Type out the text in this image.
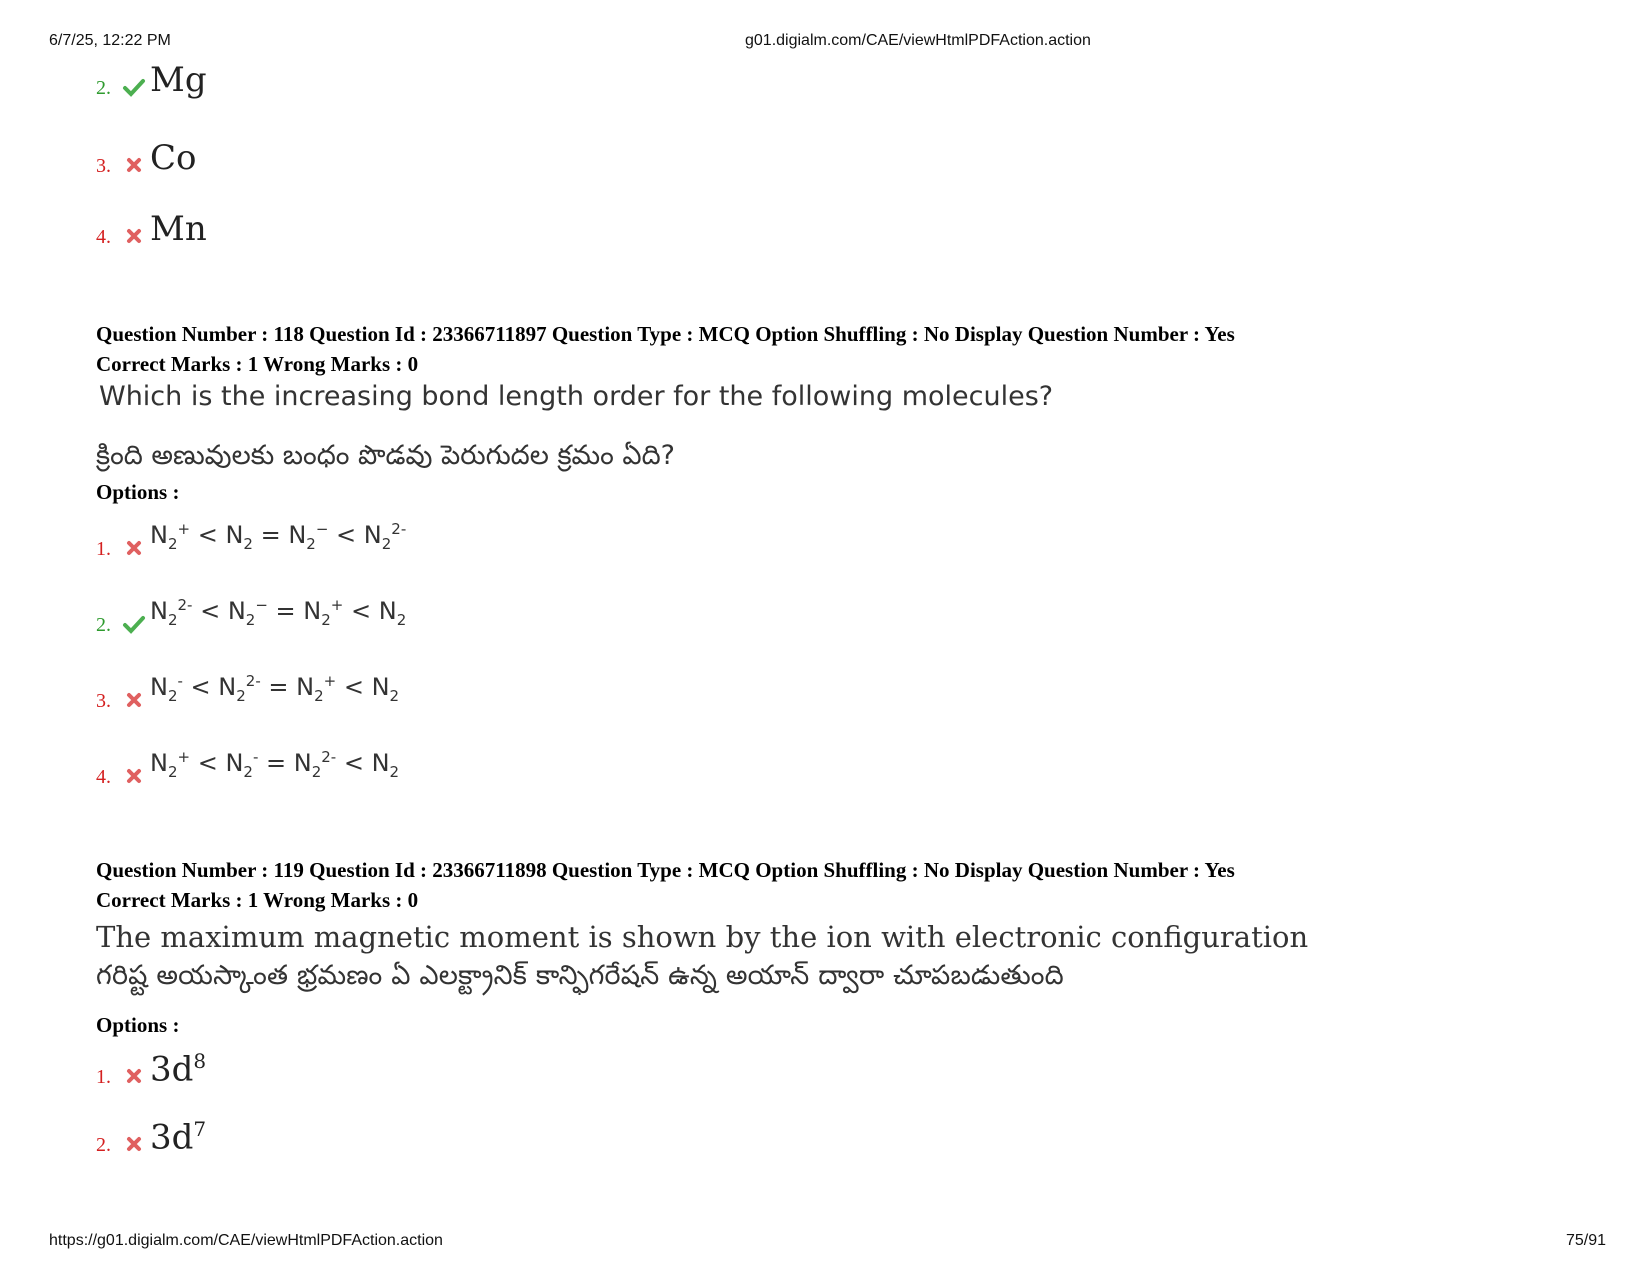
6/7/25, 12:22 PM	g01.digialm.com/CAE/viewHtmlPDFAction.action
2. Mg
3. Co
4. Mn
Question Number : 118 Question Id : 23366711897 Question Type : MCQ Option Shuffling : No Display Question Number : Yes
Correct Marks : 1 Wrong Marks : 0
Which is the increasing bond length order for the following molecules?
క్రింది అణువులకు బంధం పొడవు పెరుగుదల క్రమం ఏది?
Options :
1.	$N_2^+ < N_2 = N_2^- < N_2^{2-}$
2.	$N_2^{2-} < N_2^- = N_2^+ < N_2$
3.	$N_2^- < N_2^{2-} = N_2^+ < N_2$
4.	$N_2^+ < N_2^- = N_2^{2-} < N_2$
Question Number : 119 Question Id : 23366711898 Question Type : MCQ Option Shuffling : No Display Question Number : Yes
Correct Marks : 1 Wrong Marks : 0
The maximum magnetic moment is shown by the ion with electronic configuration
గరిష్ట అయస్కాంత భ్రమణం ఏ ఎలక్ట్రానిక్ కాన్ఫిగరేషన్ ఉన్న అయాన్ ద్వారా చూపబడుతుంది
Options :
1. $3d^8$
2. $3d^7$
https://g01.digialm.com/CAE/viewHtmlPDFAction.action	75/91
